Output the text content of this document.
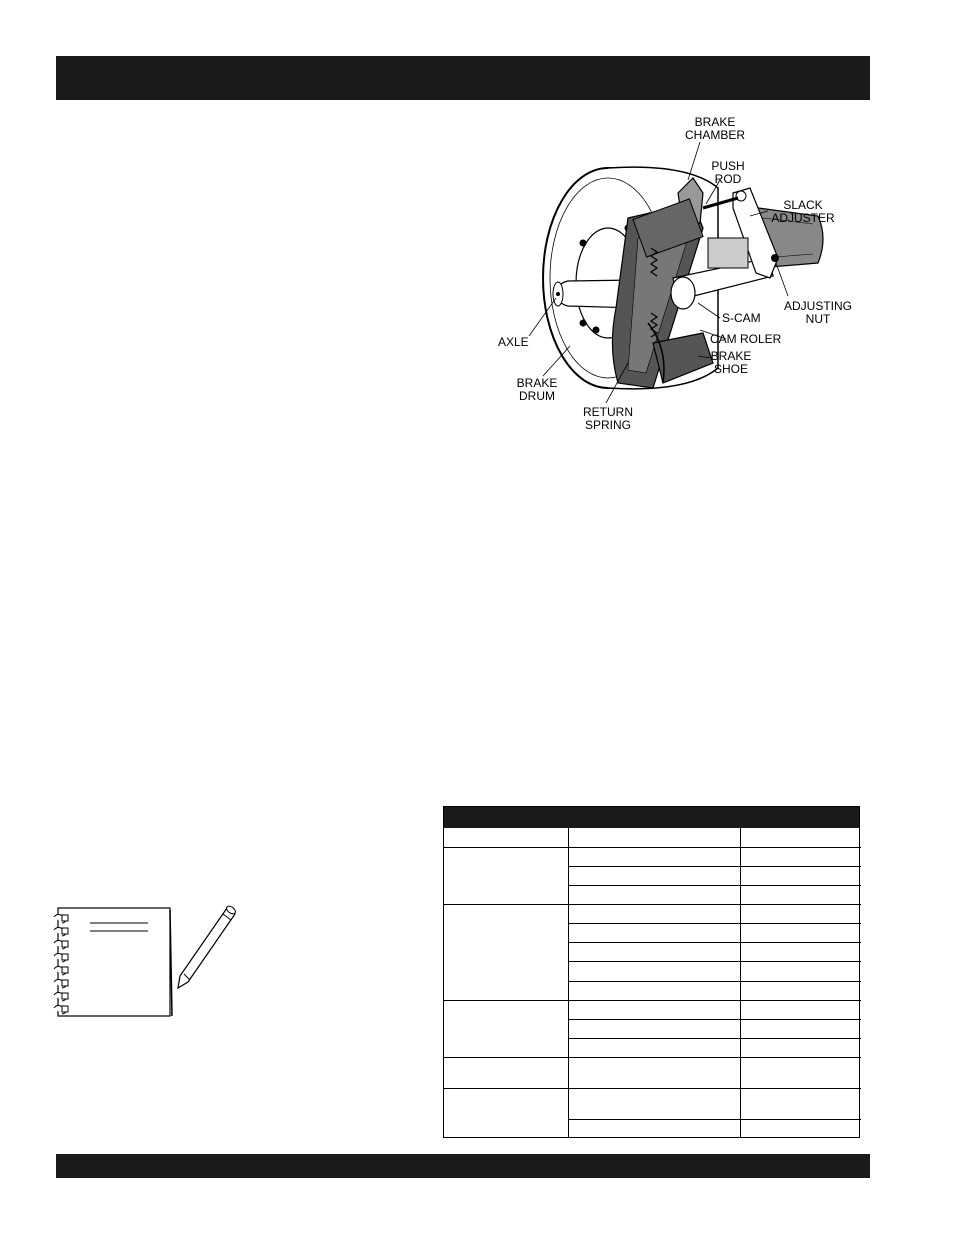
BRAKE
CHAMBER
PUSH
ROD
SLACK
ADJUSTER
ADJUSTING
NUT
S-CAM
CAM ROLER
BRAKE
SHOE
AXLE
BRAKE
DRUM
RETURN
SPRING
